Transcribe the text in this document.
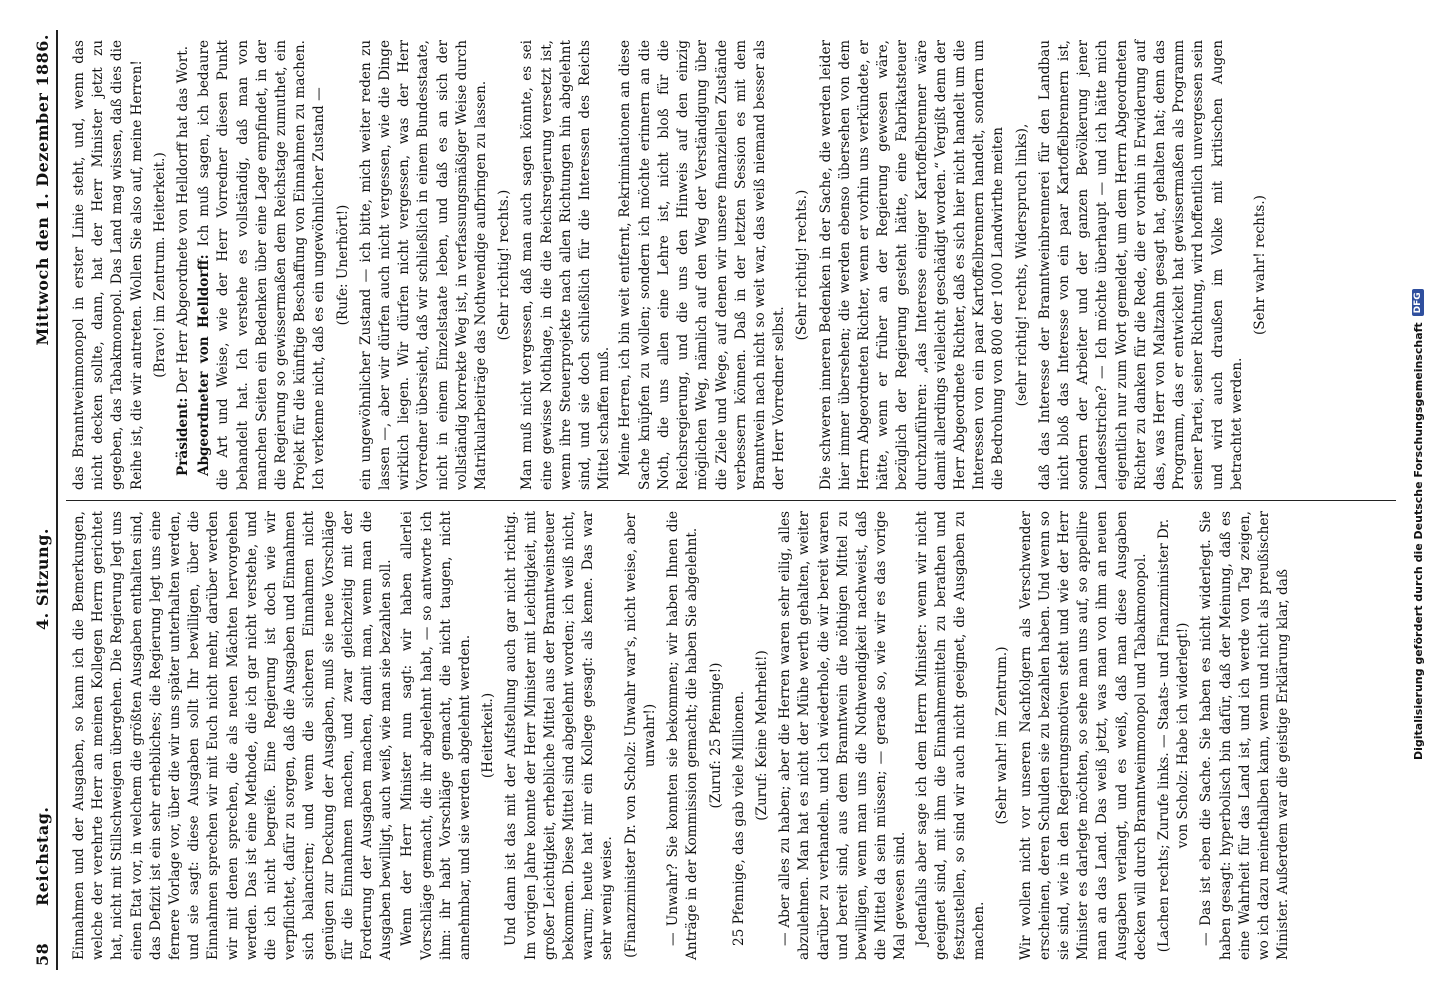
58
Reichstag.
4. Sitzung.
Mittwoch den 1. Dezember 1886.

Einnahmen und der Ausgaben, so kann ich die Bemerkungen, welche der verehrte Herr an meinen Kollegen Herrn gerichtet hat, nicht mit Stillschweigen übergehen. Die Regierung legt uns einen Etat vor, in welchem die größten Ausgaben enthalten sind, das Defizit ist ein sehr erhebliches; die Regierung legt uns eine fernere Vorlage vor, über die wir uns später unterhalten werden, und sie sagt: diese Ausgaben sollt Ihr bewilligen, über die Einnahmen sprechen wir mit Euch nicht mehr, darüber werden wir mit denen sprechen, die als neuen Mächten hervorgehen werden. Das ist eine Methode, die ich gar nicht verstehe, und die ich nicht begreife. Eine Regierung ist doch wie wir verpflichtet, dafür zu sorgen, daß die Ausgaben und Einnahmen sich balanciren; und wenn die sicheren Einnahmen nicht genügen zur Deckung der Ausgaben, muß sie neue Vorschläge für die Einnahmen machen, und zwar gleichzeitig mit der Forderung der Ausgaben machen, damit man, wenn man die Ausgaben bewilligt, auch weiß, wie man sie bezahlen soll. Wenn der Herr Minister nun sagt: wir haben allerlei Vorschläge gemacht, die ihr abgelehnt habt, — so antworte ich ihm: ihr habt Vorschläge gemacht, die nicht taugen, nicht annehmbar, und sie werden abgelehnt werden. (Heiterkeit.) Und dann ist das mit der Aufstellung auch gar nicht richtig. Im vorigen Jahre konnte der Herr Minister mit Leichtigkeit, mit großer Leichtigkeit, erhebliche Mittel aus der Branntweinsteuer bekommen. Diese Mittel sind abgelehnt worden; ich weiß nicht, warum; heute hat mir ein Kollege gesagt: als kenne. Das war sehr wenig weise. (Finanzminister Dr. von Scholz: Unwahr war's, nicht weise, aber unwahr!) — Unwahr? Sie konnten sie bekommen; wir haben Ihnen die Anträge in der Kommission gemacht; die haben Sie abgelehnt. (Zuruf: 25 Pfennige!) 25 Pfennige, das gab viele Millionen. (Zuruf: Keine Mehrheit!) — Aber alles zu haben; aber die Herren waren sehr eilig, alles abzulehnen. Man hat es nicht der Mühe werth gehalten, weiter darüber zu verhandeln. und ich wiederhole, die wir bereit waren und bereit sind, aus dem Branntwein die nöthigen Mittel zu bewilligen, wenn man uns die Nothwendigkeit nachweist, daß die Mittel da sein müssen; — gerade so, wie wir es das vorige Mal gewesen sind. Jedenfalls aber sage ich dem Herrn Minister: wenn wir nicht geeignet sind, mit ihm die Einnahmemitteln zu berathen und festzustellen, so sind wir auch nicht geeignet, die Ausgaben zu machen.

(Sehr wahr! im Zentrum.) Wir wollen nicht vor unseren Nachfolgern als Verschwender erscheinen, deren Schulden sie zu bezahlen haben. Und wenn so sie sind, wie in den Regierungsmotiven steht und wie der Herr Minister es darlegte möchten, so sehe man uns auf, so appellire man an das Land. Das weiß jetzt, was man von ihm an neuen Ausgaben verlangt, und es weiß, daß man diese Ausgaben decken will durch Branntweinmonopol und Tabakmonopol. (Lachen rechts; Zurufe links. — Staats- und Finanzminister Dr. von Scholz: Habe ich widerlegt!) — Das ist eben die Sache. Sie haben es nicht widerlegt. Sie haben gesagt: hyperbolisch bin dafür, daß der Meinung, daß es eine Wahrheit für das Land ist, und ich werde von Tag zeigen, wo ich dazu meinethalben kann, wenn und nicht als preußischer Minister. Außerdem war die geistige Erklärung klar, daß

das Branntweinmonopol in erster Linie steht, und, wenn das nicht decken sollte, dann, hat der Herr Minister jetzt zu gegeben, das Tabakmonopol. Das Land mag wissen, daß dies die Reihe ist, die wir antreten. Wollen Sie also auf, meine Herren! (Bravo! im Zentrum. Heiterkeit.)

Präsident: Der Herr Abgeordnete von Helldorff hat das Wort. Abgeordneter von Helldorff: Ich muß sagen, ich bedaure die Art und Weise, wie der Herr Vorredner diesen Punkt behandelt hat. Ich verstehe es vollständig, daß man von manchen Seiten ein Bedenken über eine Lage empfindet, in der die Regierung so gewissermaßen dem Reichstage zumuthet, ein Projekt für die künftige Beschaffung von Einnahmen zu machen. Ich verkenne nicht, daß es ein ungewöhnlicher Zustand — (Rufe: Unerhört!) ein ungewöhnlicher Zustand — ich bitte, mich weiter reden zu lassen —, aber wir dürfen auch nicht vergessen, wie die Dinge wirklich liegen. Wir dürfen nicht vergessen, was der Herr Vorredner übersieht, daß wir schließlich in einem Bundesstaate, nicht in einem Einzelstaate leben, und daß es an sich der vollständig korrekte Weg ist, in verfassungsmäßiger Weise durch Matrikularbeiträge das Nothwendige aufbringen zu lassen. (Sehr richtig! rechts.) Man muß nicht vergessen, daß man auch sagen könnte, es sei eine gewisse Nothlage, in die die Reichsregierung versetzt ist, wenn ihre Steuerprojekte nach allen Richtungen hin abgelehnt sind, und sie doch schließlich für die Interessen des Reichs Mittel schaffen muß. Meine Herren, ich bin weit entfernt, Rekriminationen an diese Sache knüpfen zu wollen; sondern ich möchte erinnern an die Noth, die uns allen eine Lehre ist, nicht bloß für die Reichsregierung, und die uns den Hinweis auf den einzig möglichen Weg, nämlich auf den Weg der Verständigung über die Ziele und Wege, auf denen wir unsere finanziellen Zustände verbessern können. Daß in der letzten Session es mit dem Branntwein nach nicht so weit war, das weiß niemand besser als der Herr Vorredner selbst.

(Sehr richtig! rechts.) Die schweren inneren Bedenken in der Sache, die werden leider hier immer übersehen; die werden ebenso übersehen von dem Herrn Abgeordneten Richter, wenn er vorhin uns verkündete, er hätte, wenn er früher an der Regierung gewesen wäre, bezüglich der Regierung gesteht hätte, eine Fabrikatsteuer durchzuführen: „das Interesse einiger Kartoffelbrenner wäre damit allerdings vielleicht geschädigt worden.“ Vergißt denn der Herr Abgeordnete Richter, daß es sich hier nicht handelt um die Interessen von ein paar Kartoffelbrennern handelt, sondern um die Bedrohung von 800 der 1000 Landwirthe meiten (sehr richtig! rechts, Widerspruch links), daß das Interesse der Branntweinbrennerei für den Landbau nicht bloß das Interesse von ein paar Kartoffelbrennern ist, sondern der Arbeiter und der ganzen Bevölkerung jener Landesstriche? — Ich möchte überhaupt — und ich hätte mich eigentlich nur zum Wort gemeldet, um dem Herrn Abgeordneten Richter zu danken für die Rede, die er vorhin in Erwiderung auf das, was Herr von Maltzahn gesagt hat, gehalten hat; denn das Programm, das er entwickelt hat gewissermaßen als Programm seiner Partei, seiner Richtung, wird hoffentlich unvergessen sein und wird auch draußen im Volke mit kritischen Augen betrachtet werden.

(Sehr wahr! rechts.)

Digitalisierung gefördert durch die Deutsche Forschungsgemeinschaft
DFG
